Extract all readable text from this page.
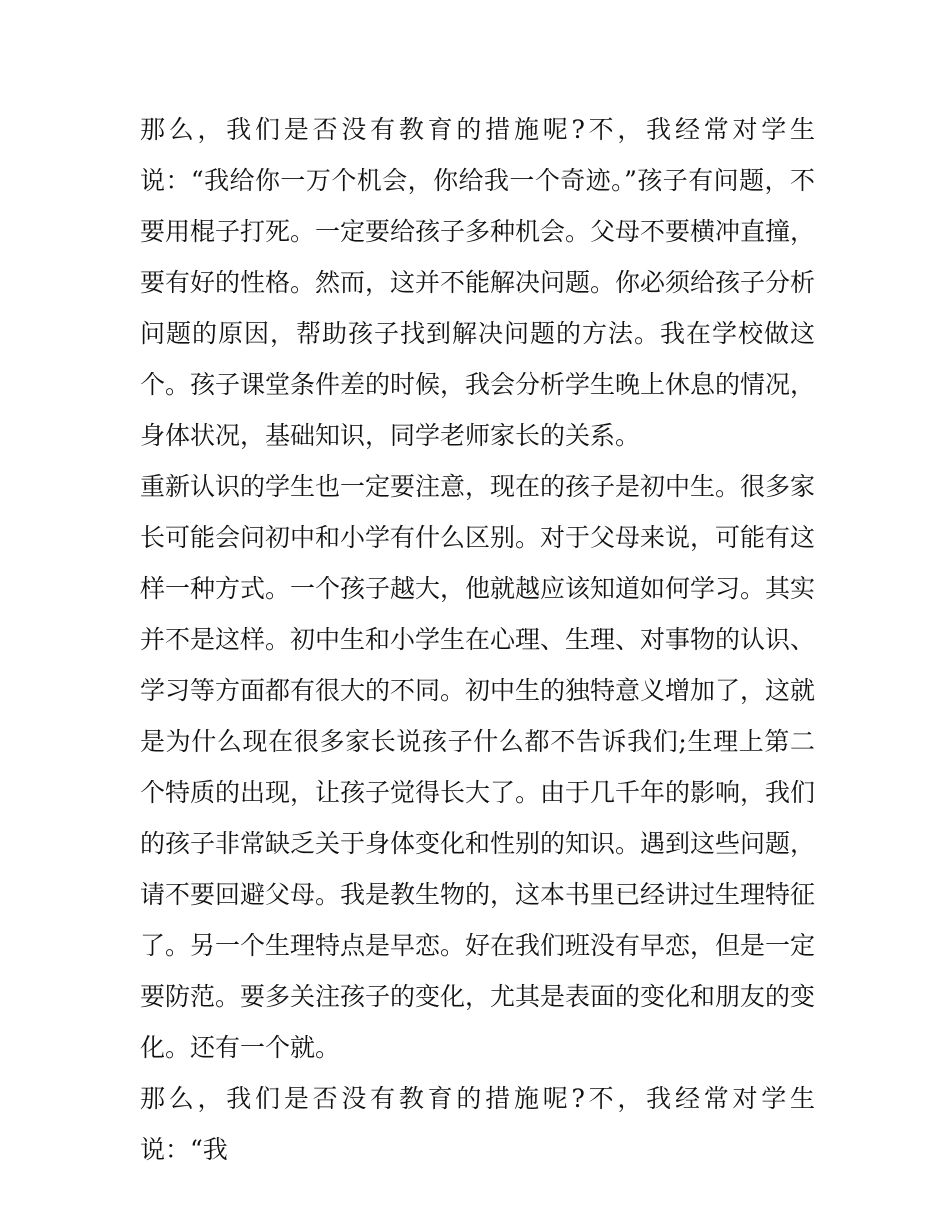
那么，我们是否没有教育的措施呢?不，我经常对学生说：“我给你一万个机会，你给我一个奇迹。”孩子有问题，不要用棍子打死。一定要给孩子多种机会。父母不要横冲直撞，要有好的性格。然而，这并不能解决问题。你必须给孩子分析问题的原因，帮助孩子找到解决问题的方法。我在学校做这个。孩子课堂条件差的时候，我会分析学生晚上休息的情况，身体状况，基础知识，同学老师家长的关系。

重新认识的学生也一定要注意，现在的孩子是初中生。很多家长可能会问初中和小学有什么区别。对于父母来说，可能有这样一种方式。一个孩子越大，他就越应该知道如何学习。其实并不是这样。初中生和小学生在心理、生理、对事物的认识、学习等方面都有很大的不同。初中生的独特意义增加了，这就是为什么现在很多家长说孩子什么都不告诉我们;生理上第二个特质的出现，让孩子觉得长大了。由于几千年的影响，我们的孩子非常缺乏关于身体变化和性别的知识。遇到这些问题，请不要回避父母。我是教生物的，这本书里已经讲过生理特征了。另一个生理特点是早恋。好在我们班没有早恋，但是一定要防范。要多关注孩子的变化，尤其是表面的变化和朋友的变化。还有一个就。

那么，我们是否没有教育的措施呢?不，我经常对学生说：“我
